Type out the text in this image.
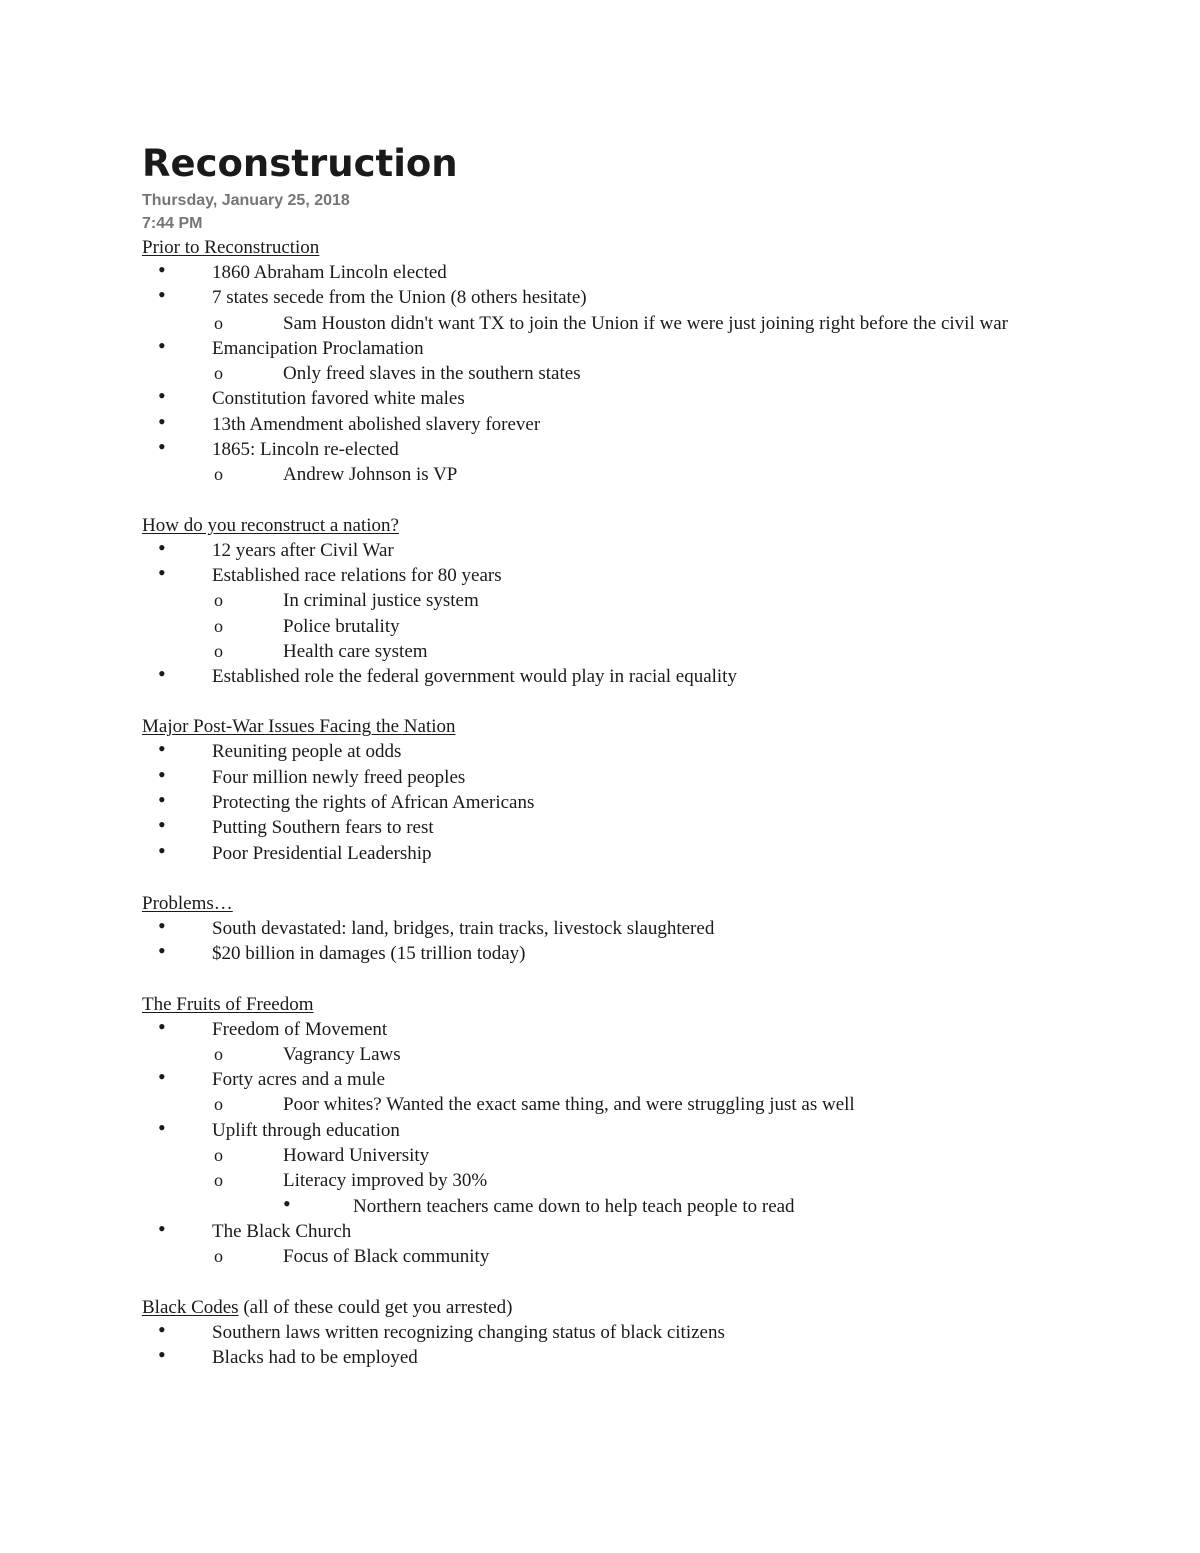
Reconstruction
Thursday, January 25, 2018
7:44 PM
Prior to Reconstruction
• 1860 Abraham Lincoln elected
• 7 states secede from the Union (8 others hesitate)
o	Sam Houston didn't want TX to join the Union if we were just joining right before the civil war
• Emancipation Proclamation
o	Only freed slaves in the southern states
• Constitution favored white males
• 13th Amendment abolished slavery forever
• 1865: Lincoln re-elected
o	Andrew Johnson is VP
How do you reconstruct a nation?
• 12 years after Civil War
• Established race relations for 80 years
o	In criminal justice system
o	Police brutality
o	Health care system
• Established role the federal government would play in racial equality
Major Post-War Issues Facing the Nation
• Reuniting people at odds
• Four million newly freed peoples
• Protecting the rights of African Americans
• Putting Southern fears to rest
• Poor Presidential Leadership
Problems…
• South devastated: land, bridges, train tracks, livestock slaughtered
• $20 billion in damages (15 trillion today)
The Fruits of Freedom
• Freedom of Movement
o	Vagrancy Laws
• Forty acres and a mule
o	Poor whites? Wanted the exact same thing, and were struggling just as well
• Uplift through education
o	Howard University
o	Literacy improved by 30%
•	Northern teachers came down to help teach people to read
• The Black Church
o	Focus of Black community
Black Codes (all of these could get you arrested)
• Southern laws written recognizing changing status of black citizens
• Blacks had to be employed
